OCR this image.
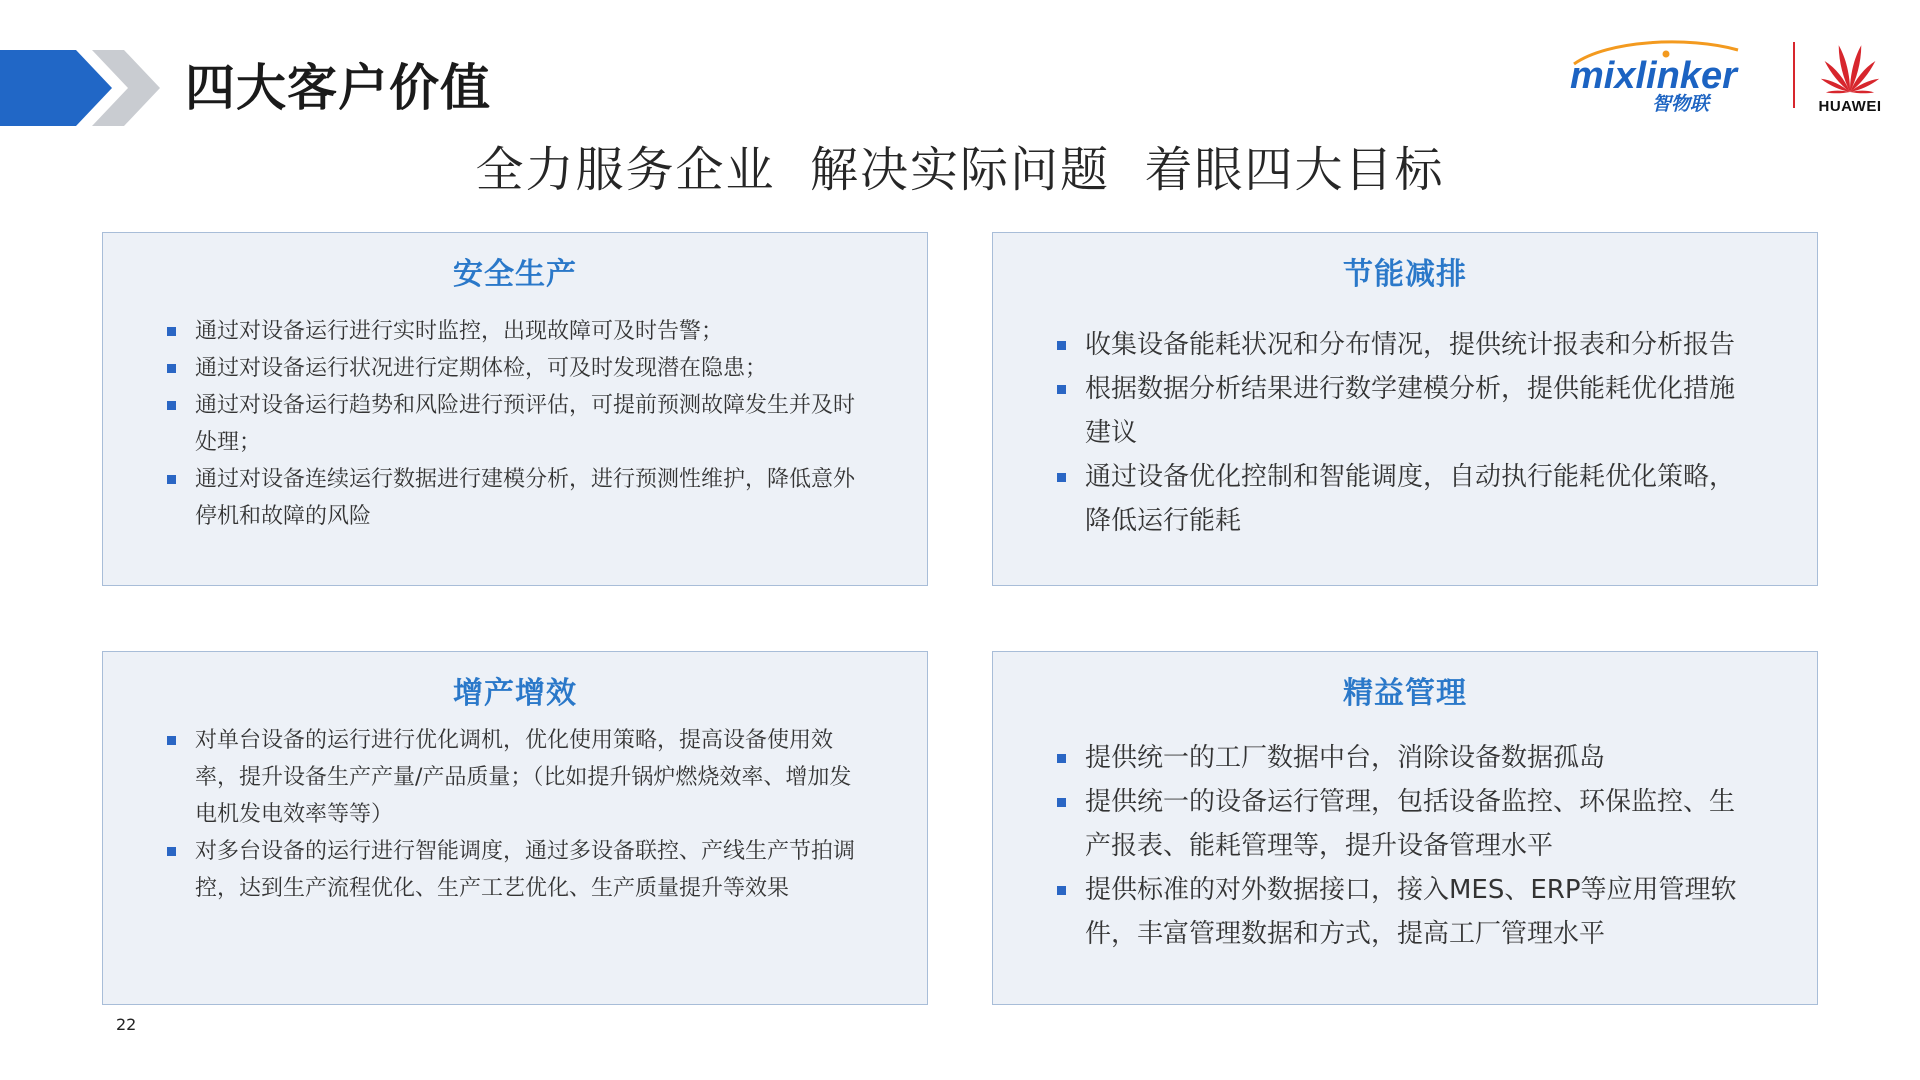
四大客户价值	mixlinker
智物联	HUAWEI
全力服务企业  解决实际问题  着眼四大目标
安全生产
通过对设备运行进行实时监控，出现故障可及时告警；
通过对设备运行状况进行定期体检，可及时发现潜在隐患；
通过对设备运行趋势和风险进行预评估，可提前预测故障发生并及时处理；
通过对设备连续运行数据进行建模分析，进行预测性维护，降低意外停机和故障的风险
节能减排
收集设备能耗状况和分布情况，提供统计报表和分析报告
根据数据分析结果进行数学建模分析，提供能耗优化措施建议
通过设备优化控制和智能调度，自动执行能耗优化策略，降低运行能耗
增产增效
对单台设备的运行进行优化调机，优化使用策略，提高设备使用效率，提升设备生产产量/产品质量；（比如提升锅炉燃烧效率、增加发电机发电效率等等）
对多台设备的运行进行智能调度，通过多设备联控、产线生产节拍调控，达到生产流程优化、生产工艺优化、生产质量提升等效果
精益管理
提供统一的工厂数据中台，消除设备数据孤岛
提供统一的设备运行管理，包括设备监控、环保监控、生产报表、能耗管理等，提升设备管理水平
提供标准的对外数据接口，接入MES、ERP等应用管理软件，丰富管理数据和方式，提高工厂管理水平
22
